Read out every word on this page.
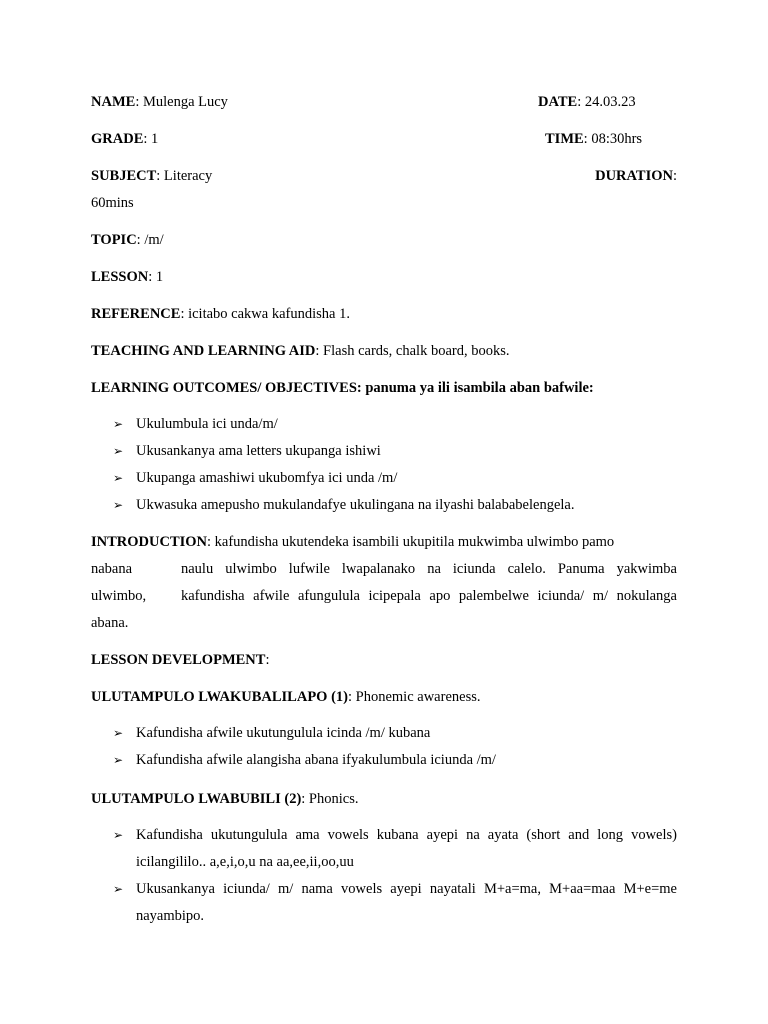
NAME: Mulenga Lucy	DATE: 24.03.23
GRADE: 1	TIME: 08:30hrs
SUBJECT: Literacy	DURATION:
60mins
TOPIC: /m/
LESSON: 1
REFERENCE: icitabo cakwa kafundisha 1.
TEACHING AND LEARNING AID: Flash cards, chalk board, books.
LEARNING OUTCOMES/ OBJECTIVES: panuma ya ili isambila aban bafwile:
➢ Ukulumbula ici unda/m/
➢ Ukusankanya ama letters ukupanga ishiwi
➢ Ukupanga amashiwi ukubomfya ici unda /m/
➢ Ukwasuka amepusho mukulandafye ukulingana na ilyashi balababelengela.
INTRODUCTION: kafundisha ukutendeka isambili ukupitila mukwimba ulwimbo pamo
nabana	naulu ulwimbo lufwile lwapalanako na iciunda calelo. Panuma yakwimba
ulwimbo,	kafundisha afwile afungulula icipepala apo palembelwe iciunda/ m/ nokulanga
abana.
LESSON DEVELOPMENT:
ULUTAMPULO LWAKUBALILAPO (1): Phonemic awareness.
➢ Kafundisha afwile ukutungulula icinda /m/ kubana
➢ Kafundisha afwile alangisha abana ifyakulumbula iciunda /m/
ULUTAMPULO LWABUBILI (2): Phonics.
➢ Kafundisha ukutungulula ama vowels kubana ayepi na ayata (short and long vowels) icilangililo.. a,e,i,o,u na aa,ee,ii,oo,uu
➢ Ukusankanya iciunda/ m/ nama vowels ayepi nayatali M+a=ma, M+aa=maa M+e=me nayambipo.
